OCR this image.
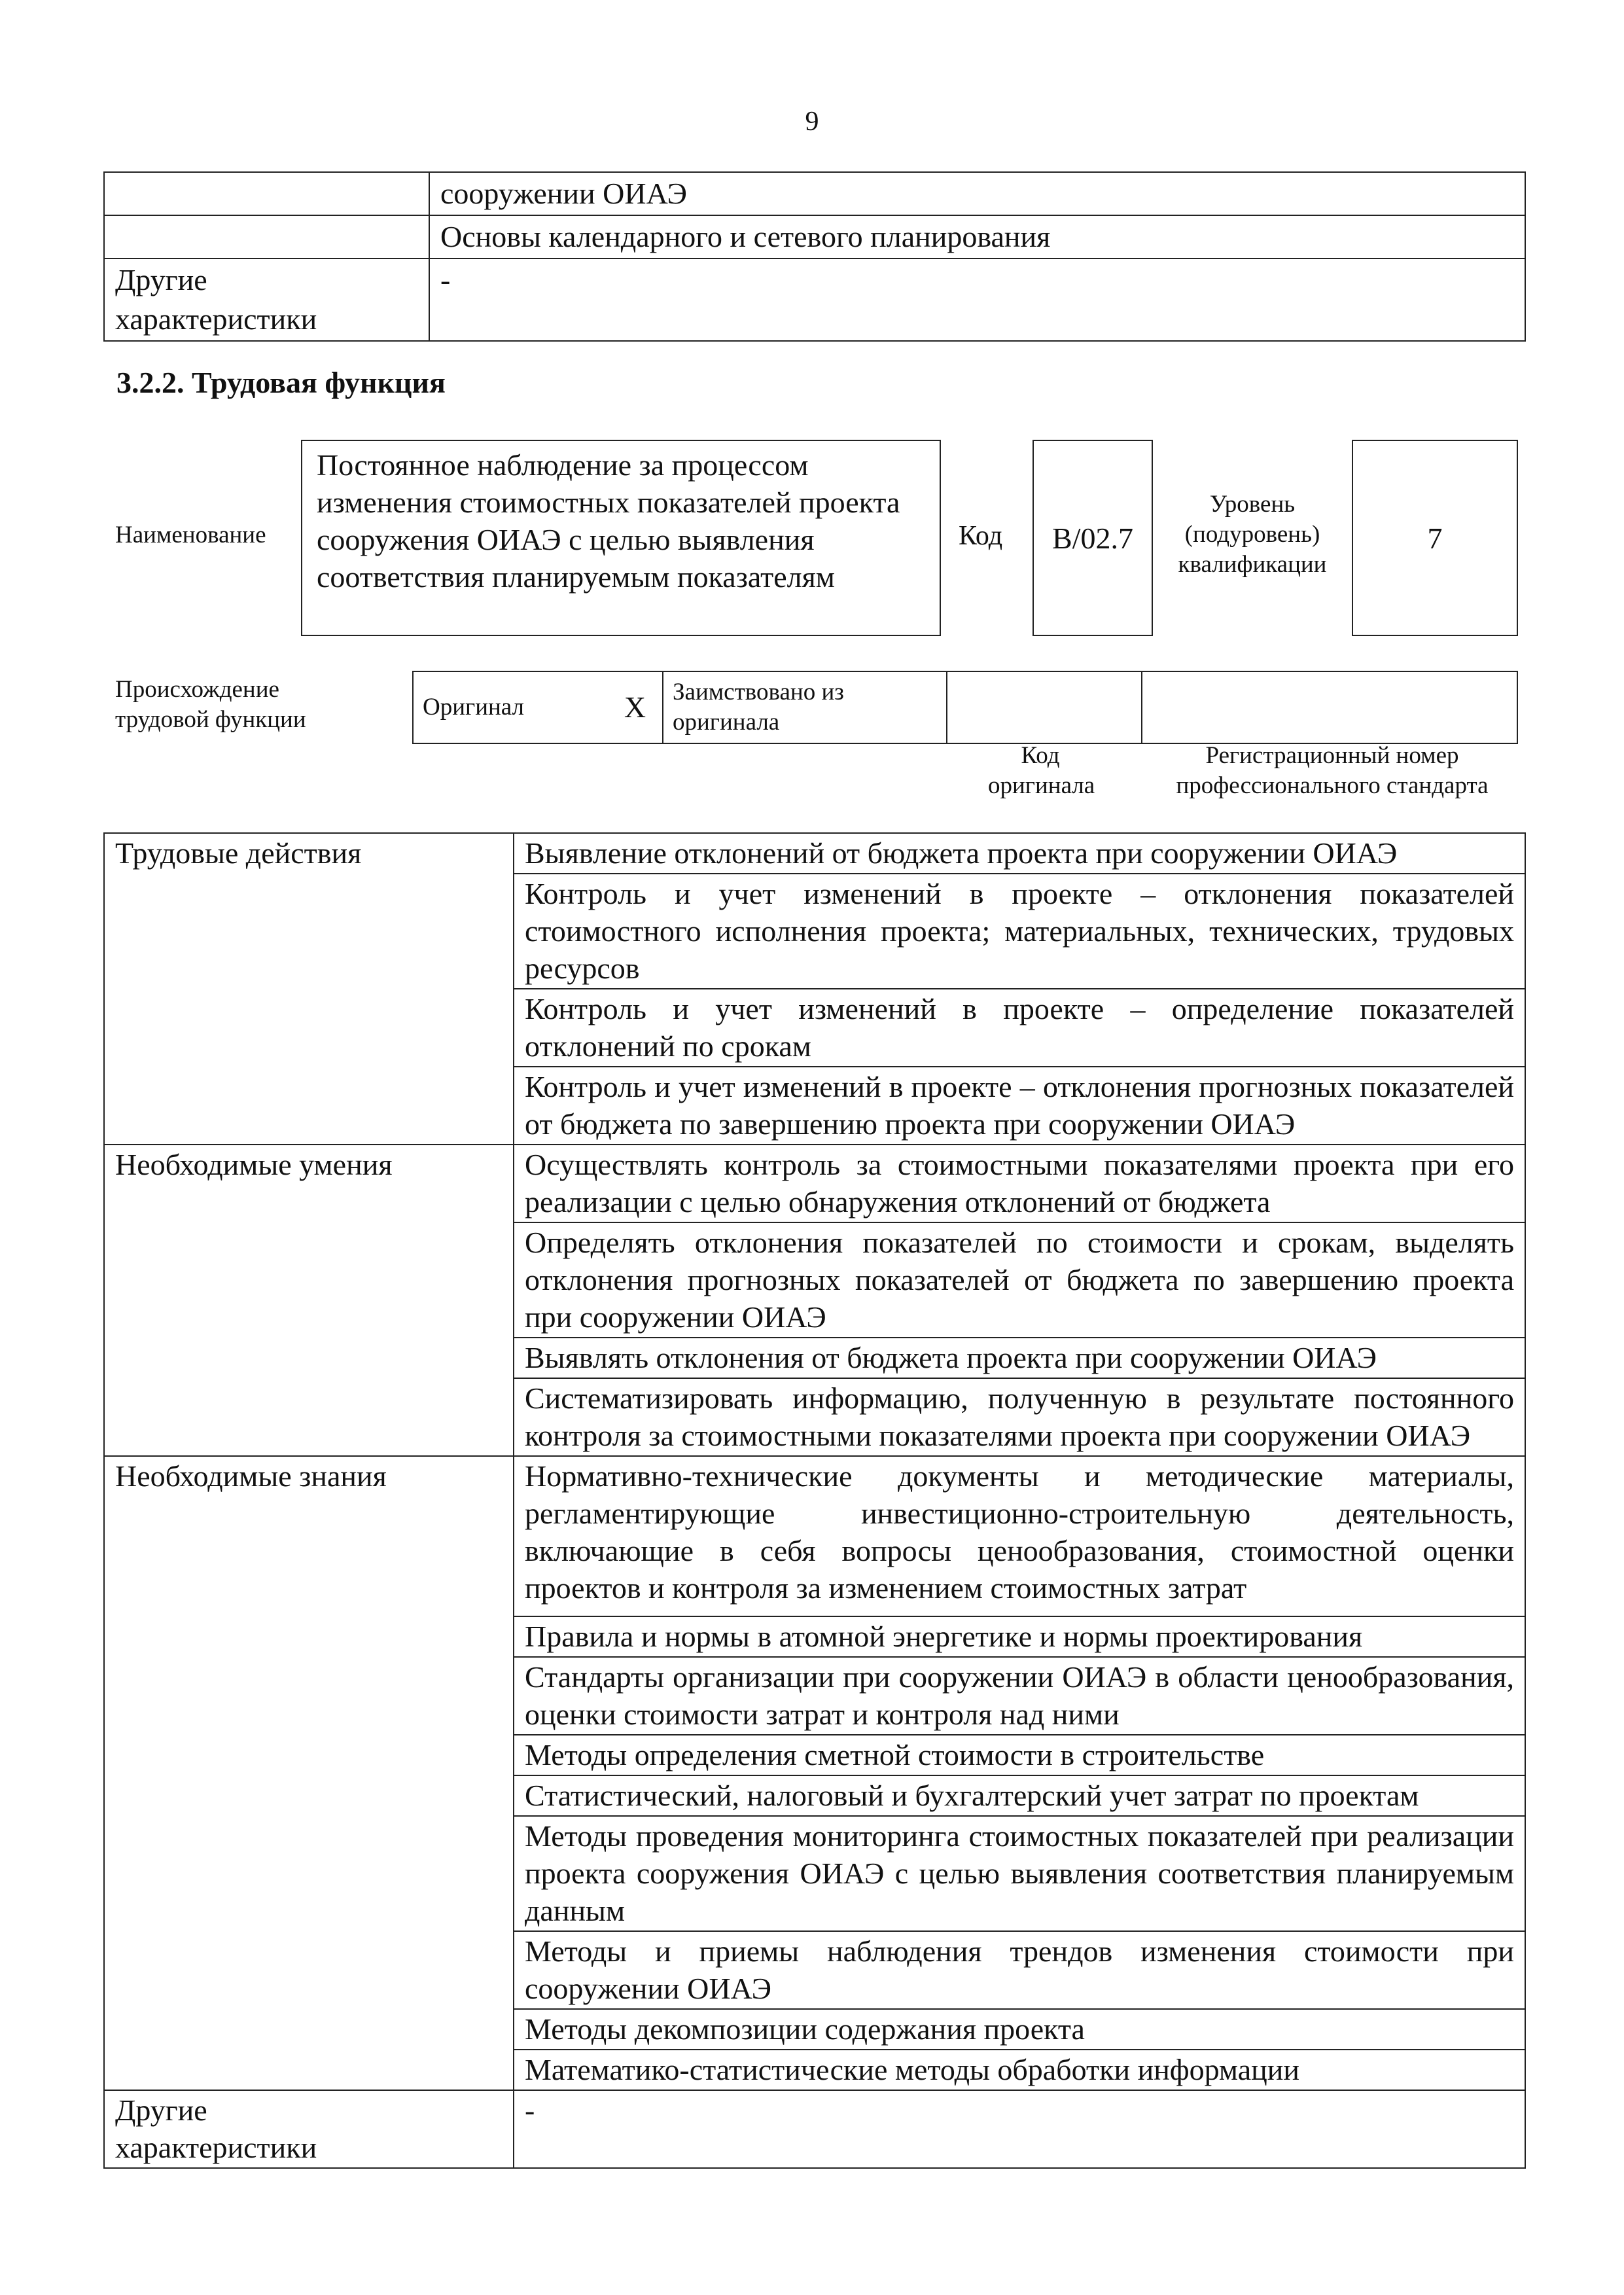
9
	сооружении ОИАЭ
	Основы календарного и сетевого планирования
Другие характеристики	-
3.2.2. Трудовая функция
Наименование
Постоянное наблюдение за процессом изменения стоимостных показателей проекта сооружения ОИАЭ с целью выявления соответствия планируемым показателям
Код	B/02.7
Уровень (подуровень) квалификации
7
Происхождение трудовой функции	Оригинал	X	Заимствовано из оригинала		
Код оригинала
Регистрационный номер профессионального стандарта
Трудовые действия	Выявление отклонений от бюджета проекта при сооружении ОИАЭ
	Контроль и учет изменений в проекте – отклонения показателей стоимостного исполнения проекта; материальных, технических, трудовых ресурсов
	Контроль и учет изменений в проекте – определение показателей отклонений по срокам
	Контроль и учет изменений в проекте – отклонения прогнозных показателей от бюджета по завершению проекта при сооружении ОИАЭ
Необходимые умения	Осуществлять контроль за стоимостными показателями проекта при его реализации с целью обнаружения отклонений от бюджета
	Определять отклонения показателей по стоимости и срокам, выделять отклонения прогнозных показателей от бюджета по завершению проекта при сооружении ОИАЭ
	Выявлять отклонения от бюджета проекта при сооружении ОИАЭ
	Систематизировать информацию, полученную в результате постоянного контроля за стоимостными показателями проекта при сооружении ОИАЭ
Необходимые знания	Нормативно-технические документы и методические материалы, регламентирующие инвестиционно-строительную деятельность, включающие в себя вопросы ценообразования, стоимостной оценки проектов и контроля за изменением стоимостных затрат
	Правила и нормы в атомной энергетике и нормы проектирования
	Стандарты организации при сооружении ОИАЭ в области ценообразования, оценки стоимости затрат и контроля над ними
	Методы определения сметной стоимости в строительстве
	Статистический, налоговый и бухгалтерский учет затрат по проектам
	Методы проведения мониторинга стоимостных показателей при реализации проекта сооружения ОИАЭ с целью выявления соответствия планируемым данным
	Методы и приемы наблюдения трендов изменения стоимости при сооружении ОИАЭ
	Методы декомпозиции содержания проекта
	Математико-статистические методы обработки информации
Другие характеристики	-
